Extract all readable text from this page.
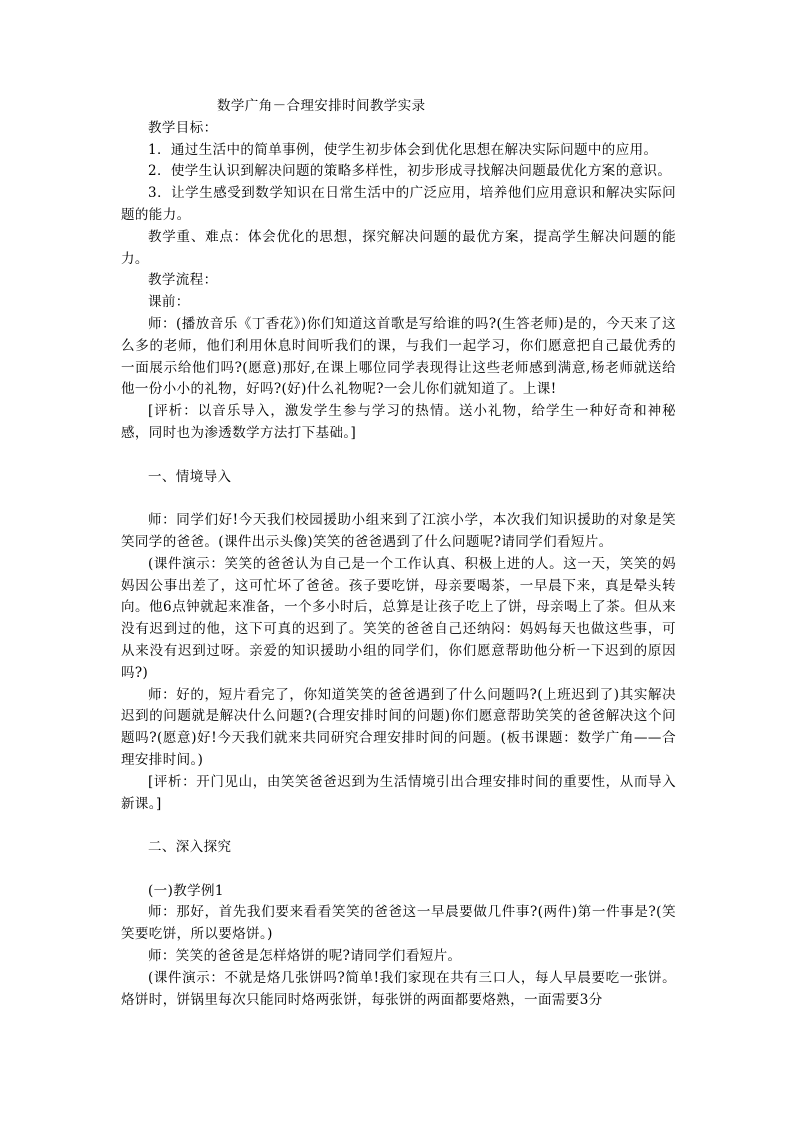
数学广角－合理安排时间教学实录

教学目标：

1．通过生活中的简单事例，使学生初步体会到优化思想在解决实际问题中的应用。

2．使学生认识到解决问题的策略多样性，初步形成寻找解决问题最优化方案的意识。

3．让学生感受到数学知识在日常生活中的广泛应用，培养他们应用意识和解决实际问题的能力。

教学重、难点：体会优化的思想，探究解决问题的最优方案，提高学生解决问题的能力。

教学流程：

课前：

师：(播放音乐《丁香花》)你们知道这首歌是写给谁的吗?(生答老师)是的，今天来了这么多的老师，他们利用休息时间听我们的课，与我们一起学习，你们愿意把自己最优秀的一面展示给他们吗?(愿意)那好,在课上哪位同学表现得让这些老师感到满意,杨老师就送给他一份小小的礼物，好吗?(好)什么礼物呢?一会儿你们就知道了。上课!

[评析：以音乐导入，激发学生参与学习的热情。送小礼物，给学生一种好奇和神秘感，同时也为渗透数学方法打下基础。]

一、情境导入

师：同学们好!今天我们校园援助小组来到了江滨小学，本次我们知识援助的对象是笑笑同学的爸爸。(课件出示头像)笑笑的爸爸遇到了什么问题呢?请同学们看短片。

(课件演示：笑笑的爸爸认为自己是一个工作认真、积极上进的人。这一天，笑笑的妈妈因公事出差了，这可忙坏了爸爸。孩子要吃饼，母亲要喝茶，一早晨下来，真是晕头转向。他6点钟就起来准备，一个多小时后，总算是让孩子吃上了饼，母亲喝上了茶。但从来没有迟到过的他，这下可真的迟到了。笑笑的爸爸自己还纳闷：妈妈每天也做这些事，可从来没有迟到过呀。亲爱的知识援助小组的同学们，你们愿意帮助他分析一下迟到的原因吗?)

师：好的，短片看完了，你知道笑笑的爸爸遇到了什么问题吗?(上班迟到了)其实解决迟到的问题就是解决什么问题?(合理安排时间的问题)你们愿意帮助笑笑的爸爸解决这个问题吗?(愿意)好!今天我们就来共同研究合理安排时间的问题。(板书课题：数学广角——合理安排时间。)

[评析：开门见山，由笑笑爸爸迟到为生活情境引出合理安排时间的重要性，从而导入新课。]

二、深入探究

(一)教学例1

师：那好，首先我们要来看看笑笑的爸爸这一早晨要做几件事?(两件)第一件事是?(笑笑要吃饼，所以要烙饼。)

师：笑笑的爸爸是怎样烙饼的呢?请同学们看短片。

(课件演示：不就是烙几张饼吗?简单!我们家现在共有三口人，每人早晨要吃一张饼。烙饼时，饼锅里每次只能同时烙两张饼，每张饼的两面都要烙熟，一面需要3分
